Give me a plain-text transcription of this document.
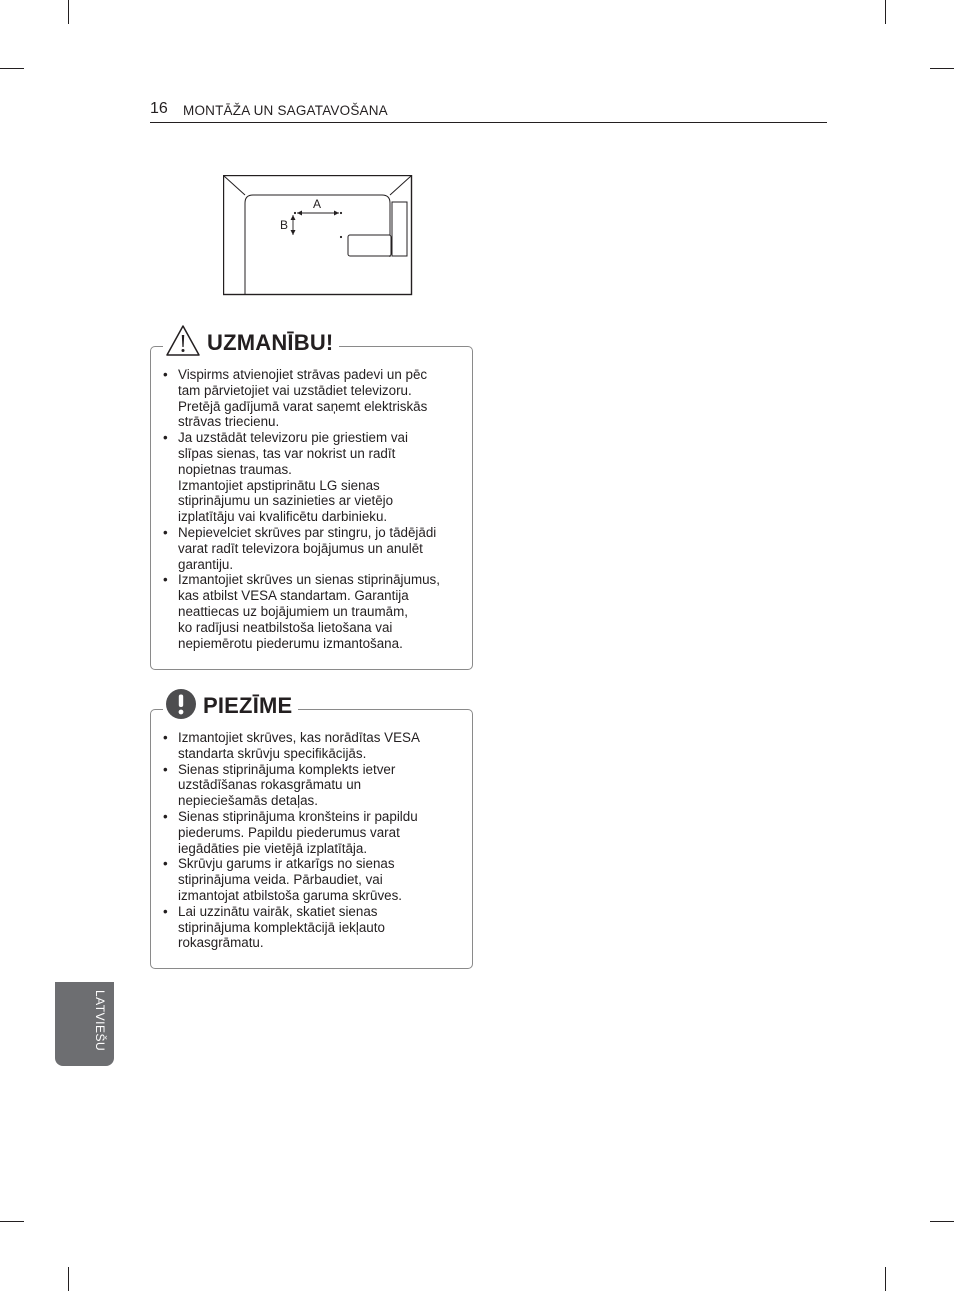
16 MONTĀŽA UN SAGATAVOŠANA
A
B
UZMANĪBU!
• Vispirms atvienojiet strāvas padevi un pēc
tam pārvietojiet vai uzstādiet televizoru.
Pretējā gadījumā varat saņemt elektriskās
strāvas triecienu.
• Ja uzstādāt televizoru pie griestiem vai
slīpas sienas, tas var nokrist un radīt
nopietnas traumas.
Izmantojiet apstiprinātu LG sienas
stiprinājumu un sazinieties ar vietējo
izplatītāju vai kvalificētu darbinieku.
• Nepievelciet skrūves par stingru, jo tādējādi
varat radīt televizora bojājumus un anulēt
garantiju.
• Izmantojiet skrūves un sienas stiprinājumus,
kas atbilst VESA standartam. Garantija
neattiecas uz bojājumiem un traumām,
ko radījusi neatbilstoša lietošana vai
nepiemērotu piederumu izmantošana.
PIEZĪME
• Izmantojiet skrūves, kas norādītas VESA
standarta skrūvju specifikācijās.
• Sienas stiprinājuma komplekts ietver
uzstādīšanas rokasgrāmatu un
nepieciešamās detaļas.
• Sienas stiprinājuma kronšteins ir papildu
piederums. Papildu piederumus varat
iegādāties pie vietējā izplatītāja.
• Skrūvju garums ir atkarīgs no sienas
stiprinājuma veida. Pārbaudiet, vai
izmantojat atbilstoša garuma skrūves.
• Lai uzzinātu vairāk, skatiet sienas
stiprinājuma komplektācijā iekļauto
rokasgrāmatu.
LATVIEŠU
